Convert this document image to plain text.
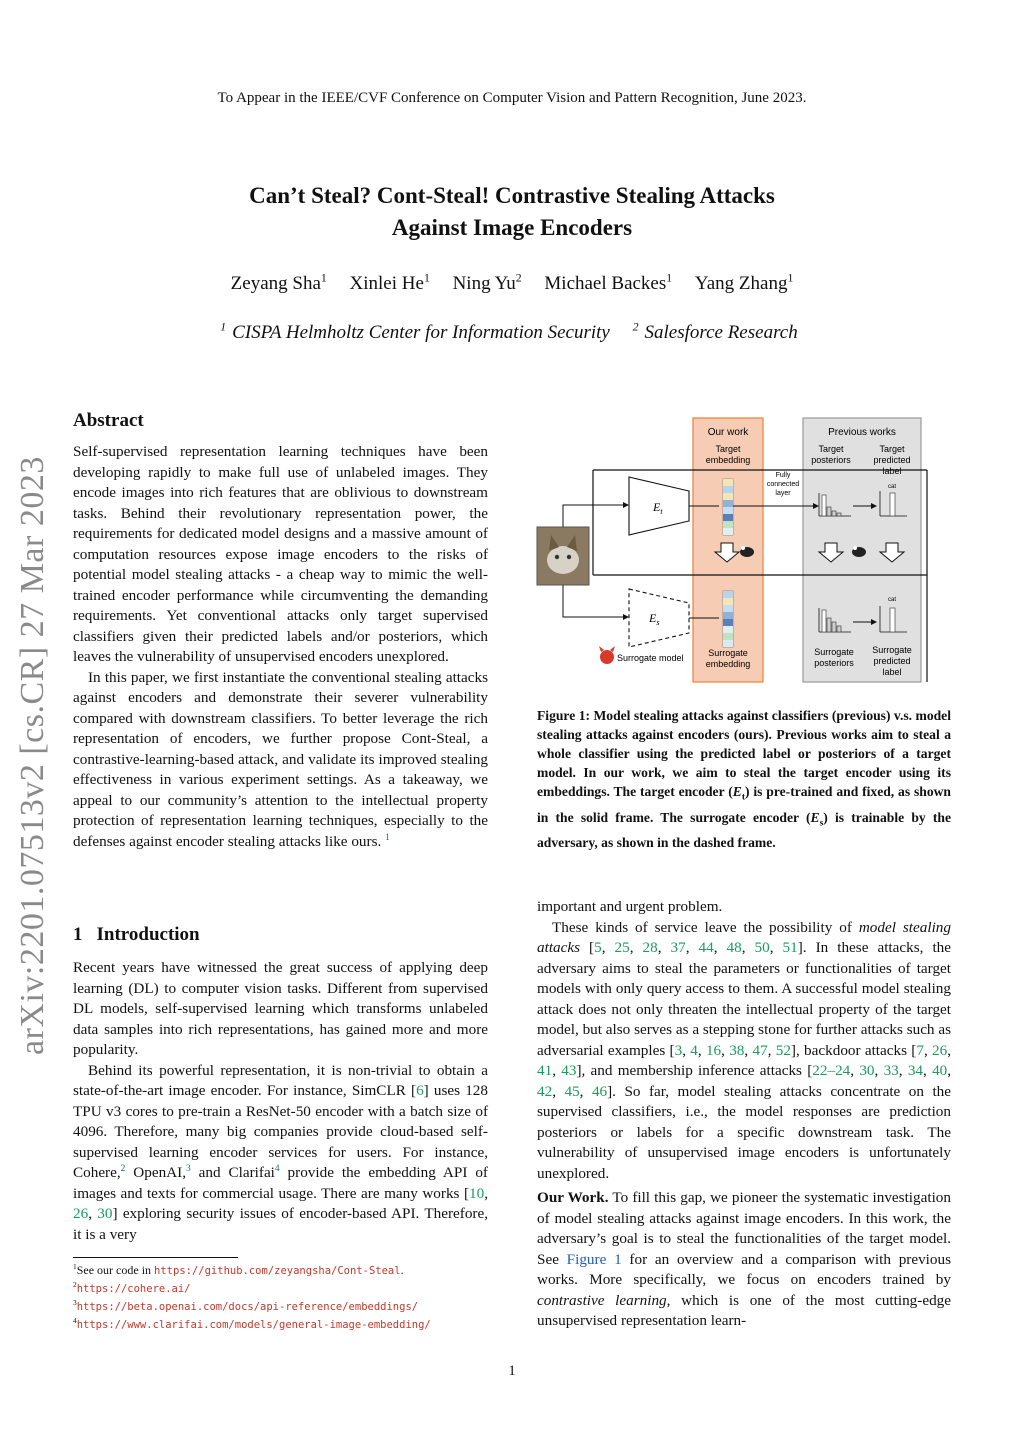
To Appear in the IEEE/CVF Conference on Computer Vision and Pattern Recognition, June 2023.
Can’t Steal? Cont-Steal! Contrastive Stealing Attacks
Against Image Encoders
Zeyang Sha$^1$ Xinlei He$^1$ Ning Yu$^2$ Michael Backes$^1$ Yang Zhang$^1$
$^1$ CISPA Helmholtz Center for Information Security $^2$ Salesforce Research
arXiv:2201.07513v2 [cs.CR] 27 Mar 2023
Abstract

Self-supervised representation learning techniques have been developing rapidly to make full use of unlabeled images. They encode images into rich features that are oblivious to downstream tasks. Behind their revolutionary representation power, the requirements for dedicated model designs and a massive amount of computation resources expose image encoders to the risks of potential model stealing attacks - a cheap way to mimic the well-trained encoder performance while circumventing the demanding requirements. Yet conventional attacks only target supervised classifiers given their predicted labels and/or posteriors, which leaves the vulnerability of unsupervised encoders unexplored.

In this paper, we first instantiate the conventional stealing attacks against encoders and demonstrate their severer vulnerability compared with downstream classifiers. To better leverage the rich representation of encoders, we further propose Cont-Steal, a contrastive-learning-based attack, and validate its improved stealing effectiveness in various experiment settings. As a takeaway, we appeal to our community’s attention to the intellectual property protection of representation learning techniques, especially to the defenses against encoder stealing attacks like ours. $^1$

1 Introduction

Recent years have witnessed the great success of applying deep learning (DL) to computer vision tasks. Different from supervised DL models, self-supervised learning which transforms unlabeled data samples into rich representations, has gained more and more popularity.

Behind its powerful representation, it is non-trivial to obtain a state-of-the-art image encoder. For instance, SimCLR [6] uses 128 TPU v3 cores to pre-train a ResNet-50 encoder with a batch size of 4096. Therefore, many big companies provide cloud-based self-supervised learning encoder services for users. For instance, Cohere,$^2$ OpenAI,$^3$ and Clarifai$^4$ provide the embedding API of images and texts for commercial usage. There are many works [10, 26, 30] exploring security issues of encoder-based API. Therefore, it is a very

$^1$See our code in https://github.com/zeyangsha/Cont-Steal.
$^2$https://cohere.ai/
$^3$https://beta.openai.com/docs/api-reference/embeddings/
$^4$https://www.clarifai.com/models/general-image-embedding/
Our work	Previous works
Target embedding
Target posteriors
Target predicted label
Fully connected layer
$E_t$
$E_s$
cat
cat
Surrogate model	Surrogate embedding
Surrogate posteriors
Surrogate predicted label
Figure 1: Model stealing attacks against classifiers (previous) v.s. model stealing attacks against encoders (ours). Previous works aim to steal a whole classifier using the predicted label or posteriors of a target model. In our work, we aim to steal the target encoder using its embeddings. The target encoder $(E_t)$ is pre-trained and fixed, as shown in the solid frame. The surrogate encoder $(E_s)$ is trainable by the adversary, as shown in the dashed frame.

important and urgent problem.

These kinds of service leave the possibility of model stealing attacks [5, 25, 28, 37, 44, 48, 50, 51]. In these attacks, the adversary aims to steal the parameters or functionalities of target models with only query access to them. A successful model stealing attack does not only threaten the intellectual property of the target model, but also serves as a stepping stone for further attacks such as adversarial examples [3, 4, 16, 38, 47, 52], backdoor attacks [7, 26, 41, 43], and membership inference attacks [22–24, 30, 33, 34, 40, 42, 45, 46]. So far, model stealing attacks concentrate on the supervised classifiers, i.e., the model responses are prediction posteriors or labels for a specific downstream task. The vulnerability of unsupervised image encoders is unfortunately unexplored.

Our Work. To fill this gap, we pioneer the systematic investigation of model stealing attacks against image encoders. In this work, the adversary’s goal is to steal the functionalities of the target model. See Figure 1 for an overview and a comparison with previous works. More specifically, we focus on encoders trained by contrastive learning, which is one of the most cutting-edge unsupervised representation learn-

1
